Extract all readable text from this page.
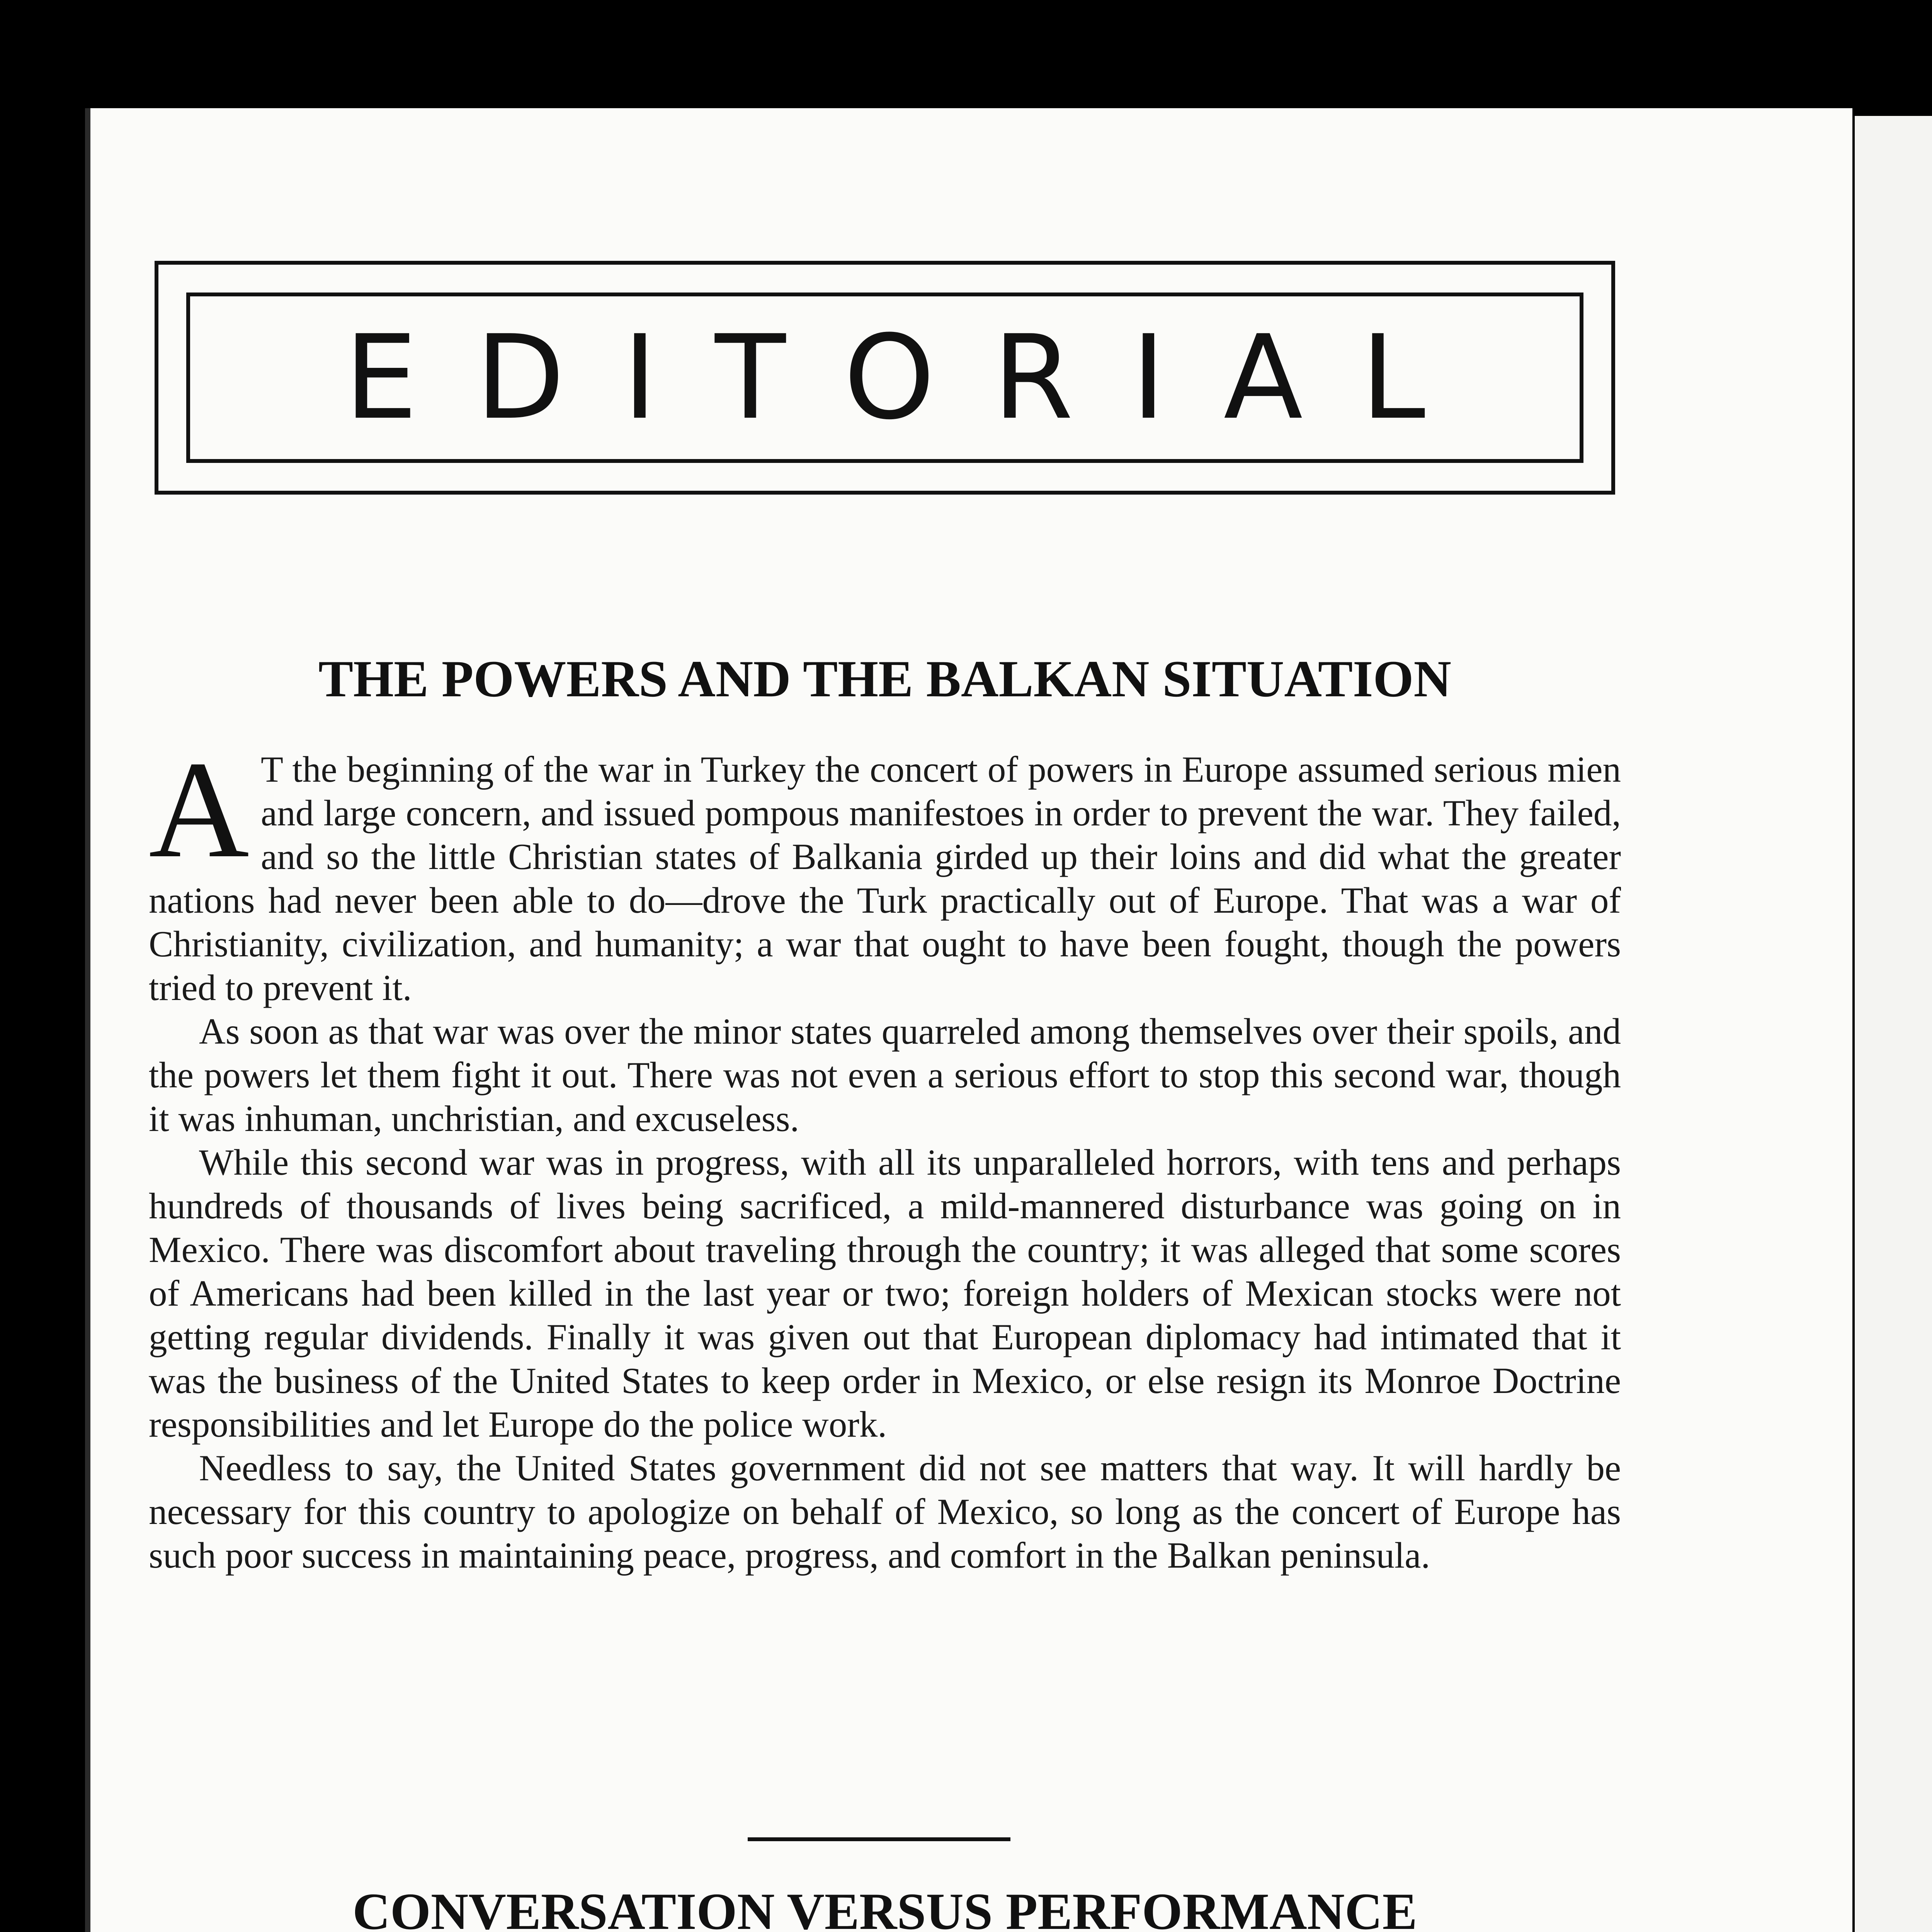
EDITORIAL
THE POWERS AND THE BALKAN SITUATION

A T the beginning of the war in Turkey the concert of powers in Europe assumed serious mien and large concern, and issued pompous manifestoes in order to prevent the war. They failed, and so the little Christian states of Balkania girded up their loins and did what the greater nations had never been able to do—drove the Turk practically out of Europe. That was a war of Christianity, civilization, and humanity; a war that ought to have been fought, though the powers tried to prevent it.

As soon as that war was over the minor states quarreled among themselves over their spoils, and the powers let them fight it out. There was not even a serious effort to stop this second war, though it was inhuman, unchristian, and excuseless.

While this second war was in progress, with all its unparalleled horrors, with tens and perhaps hundreds of thousands of lives being sacrificed, a mild-mannered disturbance was going on in Mexico. There was discomfort about traveling through the country; it was alleged that some scores of Americans had been killed in the last year or two; foreign holders of Mexican stocks were not getting regular dividends. Finally it was given out that European diplomacy had intimated that it was the business of the United States to keep order in Mexico, or else resign its Monroe Doctrine responsibilities and let Europe do the police work.

Needless to say, the United States government did not see matters that way. It will hardly be necessary for this country to apologize on behalf of Mexico, so long as the concert of Europe has such poor success in maintaining peace, progress, and comfort in the Balkan peninsula.

CONVERSATION VERSUS PERFORMANCE
